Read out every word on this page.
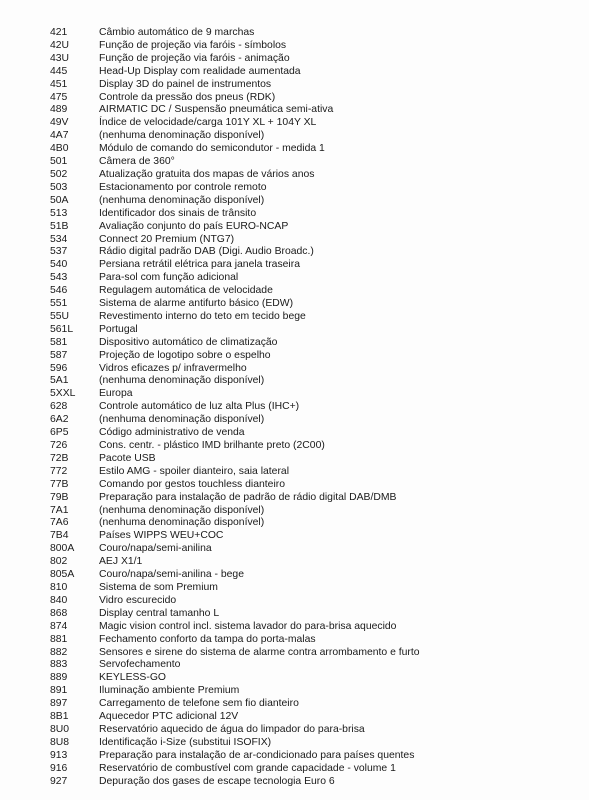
421	Câmbio automático de 9 marchas
42U	Função de projeção via faróis - símbolos
43U	Função de projeção via faróis - animação
445	Head-Up Display com realidade aumentada
451	Display 3D do painel de instrumentos
475	Controle da pressão dos pneus (RDK)
489	AIRMATIC DC / Suspensão pneumática semi-ativa
49V	Índice de velocidade/carga 101Y XL + 104Y XL
4A7	(nenhuma denominação disponível)
4B0	Módulo de comando do semicondutor - medida 1
501	Câmera de 360°
502	Atualização gratuita dos mapas de vários anos
503	Estacionamento por controle remoto
50A	(nenhuma denominação disponível)
513	Identificador dos sinais de trânsito
51B	Avaliação conjunto do país EURO-NCAP
534	Connect 20 Premium (NTG7)
537	Rádio digital padrão DAB (Digi. Audio Broadc.)
540	Persiana retrátil elétrica para janela traseira
543	Para-sol com função adicional
546	Regulagem automática de velocidade
551	Sistema de alarme antifurto básico (EDW)
55U	Revestimento interno do teto em tecido bege
561L Portugal
581	Dispositivo automático de climatização
587	Projeção de logotipo sobre o espelho
596	Vidros eficazes p/ infravermelho
5A1	(nenhuma denominação disponível)
5XXL Europa
628	Controle automático de luz alta Plus (IHC+)
6A2	(nenhuma denominação disponível)
6P5	Código administrativo de venda
726	Cons. centr. - plástico IMD brilhante preto (2C00)
72B	Pacote USB
772	Estilo AMG - spoiler dianteiro, saia lateral
77B	Comando por gestos touchless dianteiro
79B	Preparação para instalação de padrão de rádio digital DAB/DMB
7A1	(nenhuma denominação disponível)
7A6	(nenhuma denominação disponível)
7B4	Países WIPPS WEU+COC
800A Couro/napa/semi-anilina
802	AEJ X1/1
805A Couro/napa/semi-anilina - bege
810	Sistema de som Premium
840	Vidro escurecido
868	Display central tamanho L
874	Magic vision control incl. sistema lavador do para-brisa aquecido
881	Fechamento conforto da tampa do porta-malas
882	Sensores e sirene do sistema de alarme contra arrombamento e furto
883	Servofechamento
889	KEYLESS-GO
891	Iluminação ambiente Premium
897	Carregamento de telefone sem fio dianteiro
8B1	Aquecedor PTC adicional 12V
8U0	Reservatório aquecido de água do limpador do para-brisa
8U8	Identificação i-Size (substitui ISOFIX)
913	Preparação para instalação de ar-condicionado para países quentes
916	Reservatório de combustível com grande capacidade - volume 1
927	Depuração dos gases de escape tecnologia Euro 6
